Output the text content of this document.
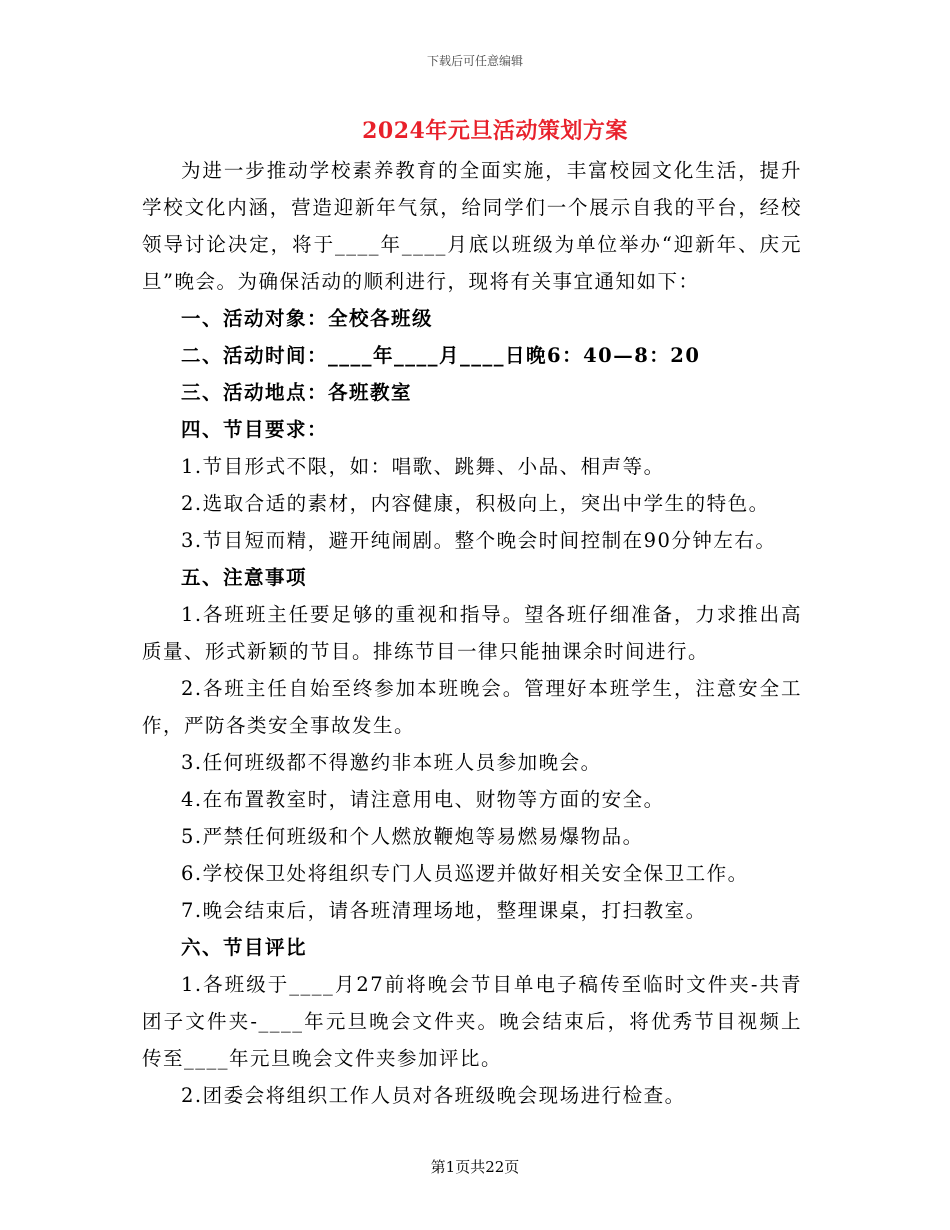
下载后可任意编辑
2024年元旦活动策划方案

为进一步推动学校素养教育的全面实施，丰富校园文化生活，提升学校文化内涵，营造迎新年气氛，给同学们一个展示自我的平台，经校领导讨论决定，将于____年____月底以班级为单位举办“迎新年、庆元旦”晚会。为确保活动的顺利进行，现将有关事宜通知如下：

一、活动对象：全校各班级

二、活动时间：____年____月____日晚6：40—8：20

三、活动地点：各班教室

四、节目要求：

1.节目形式不限，如：唱歌、跳舞、小品、相声等。

2.选取合适的素材，内容健康，积极向上，突出中学生的特色。

3.节目短而精，避开纯闹剧。整个晚会时间控制在90分钟左右。

五、注意事项

1.各班班主任要足够的重视和指导。望各班仔细准备，力求推出高质量、形式新颖的节目。排练节目一律只能抽课余时间进行。

2.各班主任自始至终参加本班晚会。管理好本班学生，注意安全工作，严防各类安全事故发生。

3.任何班级都不得邀约非本班人员参加晚会。

4.在布置教室时，请注意用电、财物等方面的安全。

5.严禁任何班级和个人燃放鞭炮等易燃易爆物品。

6.学校保卫处将组织专门人员巡逻并做好相关安全保卫工作。

7.晚会结束后，请各班清理场地，整理课桌，打扫教室。

六、节目评比

1.各班级于____月27前将晚会节目单电子稿传至临时文件夹-共青团子文件夹-____年元旦晚会文件夹。晚会结束后，将优秀节目视频上传至____年元旦晚会文件夹参加评比。

2.团委会将组织工作人员对各班级晚会现场进行检查。

第1页共22页
